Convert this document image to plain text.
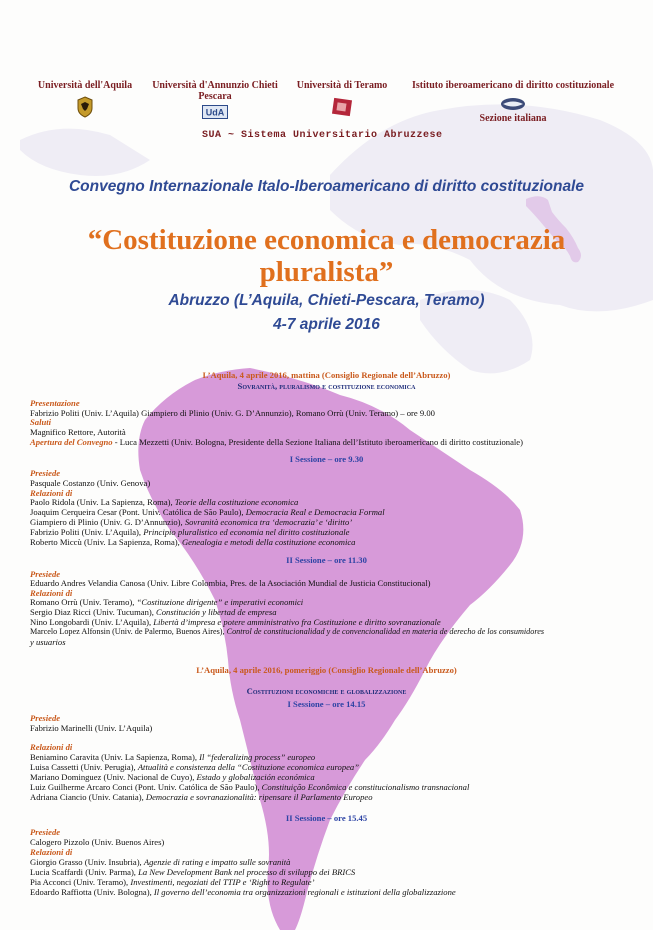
Università dell'Aquila	Università d'Annunzio Chieti
Pescara
UdA
Università di Teramo	Istituto iberoamericano di diritto costituzionale
Sezione italiana
SUA ~ Sistema Universitario Abruzzese
Convegno Internazionale Italo-Iberoamericano di diritto costituzionale
“Costituzione economica e democrazia
pluralista”
Abruzzo (L’Aquila, Chieti-Pescara, Teramo)
4-7 aprile 2016
L’Aquila, 4 aprile 2016, mattina (Consiglio Regionale dell’Abruzzo)
Sovranità, pluralismo e costituzione economica
Presentazione
Fabrizio Politi (Univ. L’Aquila) Giampiero di Plinio (Univ. G. D’Annunzio), Romano Orrù (Univ. Teramo) – ore 9.00
Saluti
Magnifico Rettore, Autorità
Apertura del Convegno - Luca Mezzetti (Univ. Bologna, Presidente della Sezione Italiana dell’Istituto iberoamericano di diritto costituzionale)
I Sessione – ore 9.30
Presiede
Pasquale Costanzo (Univ. Genova)
Relazioni di
Paolo Ridola (Univ. La Sapienza, Roma), Teorie della costituzione economica
Joaquim Cerqueira Cesar (Pont. Univ. Católica de São Paulo), Democracia Real e Democracia Formal
Giampiero di Plinio (Univ. G. D’Annunzio), Sovranità economica tra ‘democrazia’ e ‘diritto’
Fabrizio Politi (Univ. L’Aquila), Principio pluralistico ed economia nel diritto costituzionale
Roberto Miccù (Univ. La Sapienza, Roma), Genealogia e metodi della costituzione economica
II Sessione – ore 11.30
Presiede
Eduardo Andres Velandia Canosa (Univ. Libre Colombia, Pres. de la Asociación Mundial de Justicia Constitucional)
Relazioni di
Romano Orrù (Univ. Teramo), “Costituzione dirigente” e imperativi economici
Sergio Diaz Ricci (Univ. Tucuman), Constitución y libertad de empresa
Nino Longobardi (Univ. L’Aquila), Libertà d’impresa e potere amministrativo fra Costituzione e diritto sovranazionale
Marcelo Lopez Alfonsin (Univ. de Palermo, Buenos Aires), Control de constitucionalidad y de convencionalidad en materia de derecho de los consumidores
y usuarios
L’Aquila, 4 aprile 2016, pomeriggio (Consiglio Regionale dell’Abruzzo)
Costituzioni economiche e globalizzazione
I Sessione – ore 14.15
Presiede
Fabrizio Marinelli (Univ. L’Aquila)
Relazioni di
Beniamino Caravita (Univ. La Sapienza, Roma), Il “federalizing process” europeo
Luisa Cassetti (Univ. Perugia), Attualità e consistenza della “Costituzione economica europea”
Mariano Dominguez (Univ. Nacional de Cuyo), Estado y globalización económica
Luiz Guilherme Arcaro Conci (Pont. Univ. Católica de São Paulo), Constituição Econômica e constitucionalismo transnacional
Adriana Ciancio (Univ. Catania), Democrazia e sovranazionalità: ripensare il Parlamento Europeo
II Sessione – ore 15.45
Presiede
Calogero Pizzolo (Univ. Buenos Aires)
Relazioni di
Giorgio Grasso (Univ. Insubria), Agenzie di rating e impatto sulle sovranità
Lucia Scaffardi (Univ. Parma), La New Development Bank nel processo di sviluppo dei BRICS
Pia Acconci (Univ. Teramo), Investimenti, negoziati del TTIP e ‘Right to Regulate’
Edoardo Raffiotta (Univ. Bologna), Il governo dell’economia tra organizzazioni regionali e istituzioni della globalizzazione
